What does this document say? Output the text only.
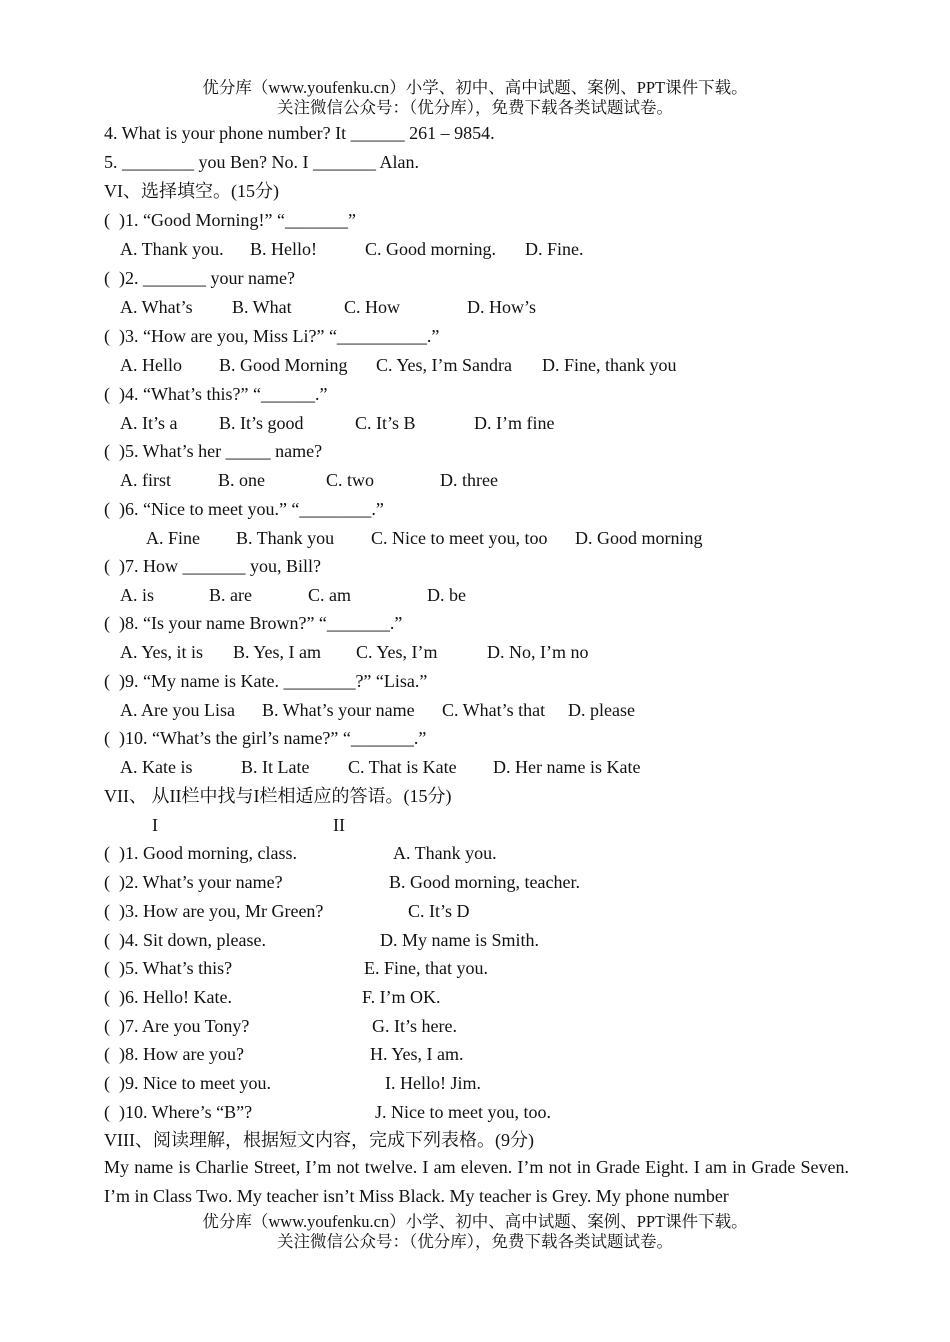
优分库（www.youfenku.cn）小学、初中、高中试题、案例、PPT课件下载。
关注微信公众号：（优分库），免费下载各类试题试卷。
4. What is your phone number? It ______ 261 – 9854.
5. ________ you Ben? No. I _______ Alan.
VI、选择填空。(15分)
(  )1. “Good Morning!” “_______”
A. Thank you. B. Hello!	C. Good morning. D. Fine.
(  )2. _______ your name?
A. What’s B. What	C. How	D. How’s
(  )3. “How are you, Miss Li?” “__________.”
A. Hello B. Good Morning C. Yes, I’m Sandra D. Fine, thank you
(  )4. “What’s this?” “______.”
A. It’s a B. It’s good	C. It’s B	D. I’m fine
(  )5. What’s her _____ name?
A. first	B. one	C. two	D. three
(  )6. “Nice to meet you.” “________.”
A. Fine B. Thank you C. Nice to meet you, too D. Good morning
(  )7. How _______ you, Bill?
A. is	B. are	C. am	D. be
(  )8. “Is your name Brown?” “_______.”
A. Yes, it is B. Yes, I am C. Yes, I’m	D. No, I’m no
(  )9. “My name is Kate. ________?” “Lisa.”
A. Are you Lisa B. What’s your name C. What’s that D. please
(  )10. “What’s the girl’s name?” “_______.”
A. Kate is	B. It Late C. That is Kate D. Her name is Kate
VII、 从II栏中找与I栏相适应的答语。(15分)
I	II
(  )1. Good morning, class.	A. Thank you.
(  )2. What’s your name?	B. Good morning, teacher.
(  )3. How are you, Mr Green?	C. It’s D
(  )4. Sit down, please.	D. My name is Smith.
(  )5. What’s this?	E. Fine, that you.
(  )6. Hello! Kate.	F. I’m OK.
(  )7. Are you Tony?	G. It’s here.
(  )8. How are you?	H. Yes, I am.
(  )9. Nice to meet you.	I. Hello! Jim.
(  )10. Where’s “B”?	J. Nice to meet you, too.
VIII、阅读理解，根据短文内容，完成下列表格。(9分)
My name is Charlie Street, I’m not twelve. I am eleven. I’m not in Grade Eight. I am in Grade Seven. I’m in Class Two. My teacher isn’t Miss Black. My teacher is Grey. My phone number
优分库（www.youfenku.cn）小学、初中、高中试题、案例、PPT课件下载。
关注微信公众号：（优分库），免费下载各类试题试卷。
